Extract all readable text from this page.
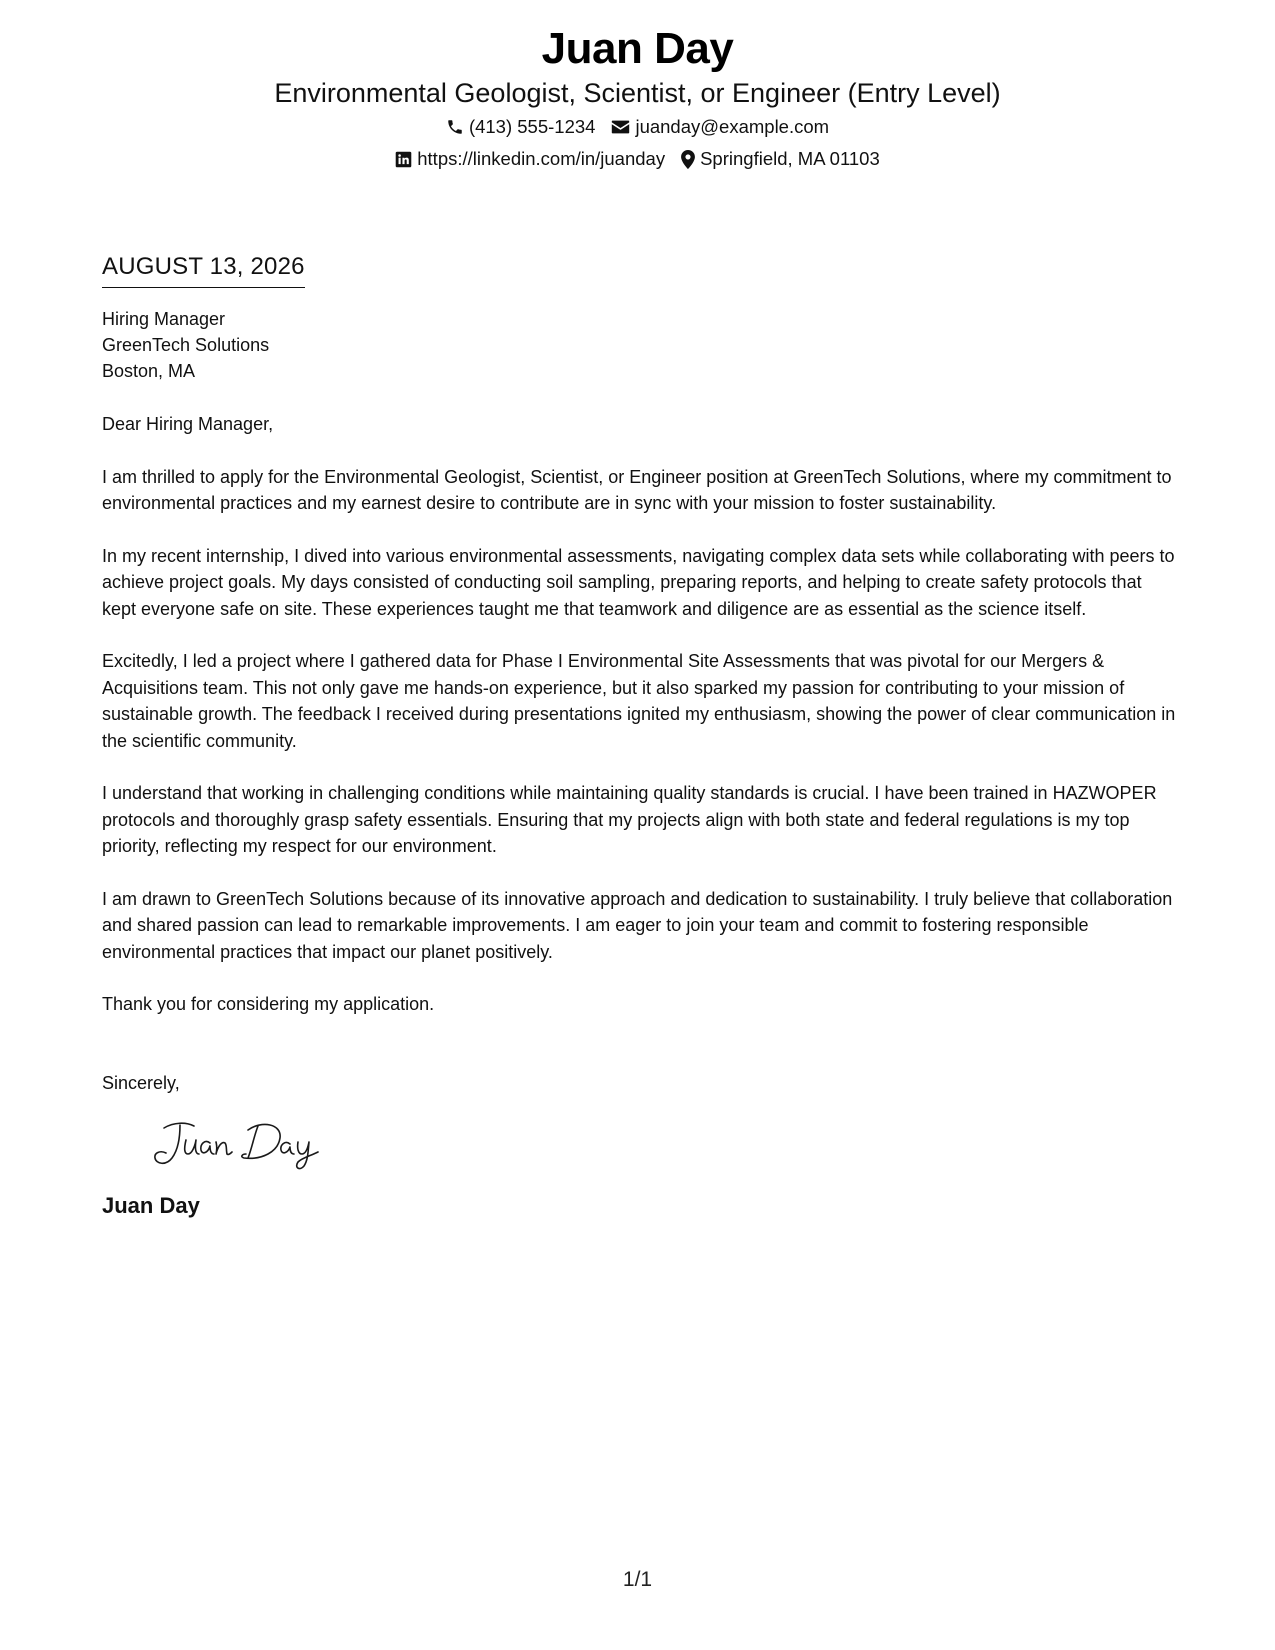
Juan Day
Environmental Geologist, Scientist, or Engineer (Entry Level)
(413) 555-1234 juanday@example.com
https://linkedin.com/in/juanday Springfield, MA 01103
AUGUST 13, 2026
Hiring Manager
GreenTech Solutions
Boston, MA
Dear Hiring Manager,
I am thrilled to apply for the Environmental Geologist, Scientist, or Engineer position at GreenTech Solutions, where my commitment to environmental practices and my earnest desire to contribute are in sync with your mission to foster sustainability.
In my recent internship, I dived into various environmental assessments, navigating complex data sets while collaborating with peers to achieve project goals. My days consisted of conducting soil sampling, preparing reports, and helping to create safety protocols that kept everyone safe on site. These experiences taught me that teamwork and diligence are as essential as the science itself.
Excitedly, I led a project where I gathered data for Phase I Environmental Site Assessments that was pivotal for our Mergers & Acquisitions team. This not only gave me hands-on experience, but it also sparked my passion for contributing to your mission of sustainable growth. The feedback I received during presentations ignited my enthusiasm, showing the power of clear communication in the scientific community.
I understand that working in challenging conditions while maintaining quality standards is crucial. I have been trained in HAZWOPER protocols and thoroughly grasp safety essentials. Ensuring that my projects align with both state and federal regulations is my top priority, reflecting my respect for our environment.
I am drawn to GreenTech Solutions because of its innovative approach and dedication to sustainability. I truly believe that collaboration and shared passion can lead to remarkable improvements. I am eager to join your team and commit to fostering responsible environmental practices that impact our planet positively.
Thank you for considering my application.
Sincerely,
Juan Day
1/1
